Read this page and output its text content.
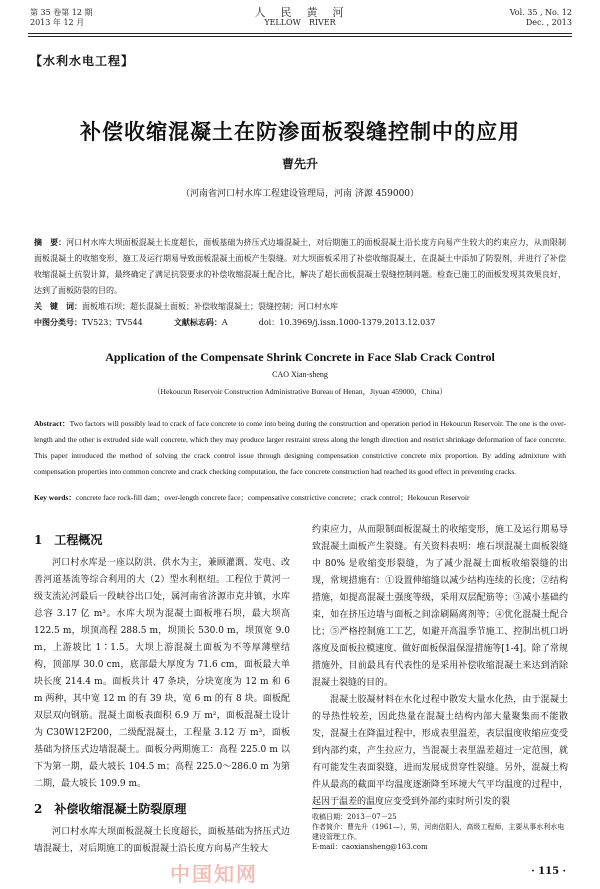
第 35 卷第 12 期
2013 年 12 月
人　民　黄　河
YELLOW　RIVER
Vol. 35 , No. 12
Dec. , 2013
【水利水电工程】
补偿收缩混凝土在防渗面板裂缝控制中的应用
曹先升
（河南省河口村水库工程建设管理局，河南 济源 459000）
摘　要：河口村水库大坝面板混凝土长度超长，面板基础为挤压式边墙混凝土，对后期施工的面板混凝土沿长度方向易产生较大的约束应力，从而限制面板混凝土的收缩变形，施工及运行期易导致面板混凝土面板产生裂缝。对大坝面板采用了补偿收缩混凝土，在混凝土中添加了防裂剂，并进行了补偿收缩混凝土抗裂计算，最终确定了满足抗裂要求的补偿收缩混凝土配合比，解决了超长面板混凝土裂缝控制问题。检查已施工的面板发现其效果良好，达到了面板防裂的目的。
关　键　词：面板堆石坝；超长混凝土面板；补偿收缩混凝土；裂缝控制；河口村水库
中图分类号：TV523；TV544	文献标志码：A	doi：10.3969/j.issn.1000-1379.2013.12.037
Application of the Compensate Shrink Concrete in Face Slab Crack Control
CAO Xian-sheng
（Hekoucun Reservoir Construction Administrative Bureau of Henan，Jiyuan 459000，China）
Abstract：Two factors will possibly lead to crack of face concrete to come into being during the construction and operation period in Hekoucun Reservoir. The one is the over-length and the other is extruded side wall concrete, which they may produce larger restraint stress along the length direction and restrict shrinkage deformation of face concrete. This paper introduced the method of solving the crack control issue through designing compensation constrictive concrete mix proportion. By adding admixture with compensation properties into common concrete and crack checking computation, the face concrete construction had reached its good effect in preventing cracks.
Key words：concrete face rock-fill dam；over-length concrete face；compensative constrictive concrete；crack control；Hekoucun Reservoir
1　工程概况

河口村水库是一座以防洪、供水为主，兼顾灌溉、发电、改善河道基流等综合利用的大（2）型水利枢纽。工程位于黄河一级支流沁河最后一段峡谷出口处，属河南省济源市克井镇，水库总容 3.17 亿 m³。水库大坝为混凝土面板堆石坝，最大坝高 122.5 m，坝顶高程 288.5 m，坝顶长 530.0 m，坝顶宽 9.0 m，上游坡比 1∶1.5。大坝上游混凝土面板为不等厚薄壁结构，顶部厚 30.0 cm，底部最大厚度为 71.6 cm，面板最大单块长度 214.4 m。面板共计 47 条块，分块宽度为 12 m 和 6 m 两种，其中宽 12 m 的有 39 块，宽 6 m 的有 8 块。面板配双层双向钢筋。混凝土面板表面积 6.9 万 m²，面板混凝土设计为 C30W12F200，二级配混凝土，工程量 3.12 万 m³，面板基础为挤压式边墙混凝土。面板分两期施工：高程 225.0 m 以下为第一期，最大坡长 104.5 m；高程 225.0～286.0 m 为第二期，最大坡长 109.9 m。

2　补偿收缩混凝土防裂原理

河口村水库大坝面板混凝土长度超长，面板基础为挤压式边墙混凝土，对后期施工的面板混凝土沿长度方向易产生较大

约束应力，从而限制面板混凝土的收缩变形，施工及运行期易导致混凝土面板产生裂缝。有关资料表明：堆石坝混凝土面板裂缝中 80% 是收缩变形裂缝，为了减少混凝土面板收缩裂缝的出现，常规措施有：①设置伸缩缝以减少结构连续的长度；②结构措施，如提高混凝土强度等级，采用双层配筋等；③减小基础约束，如在挤压边墙与面板之间涂刷隔离剂等；④优化混凝土配合比；⑤严格控制施工工艺，如避开高温季节施工、控制出机口坍落度及面板拉模速度、做好面板保温保湿措施等[1-4]。除了常规措施外，目前最具有代表性的是采用补偿收缩混凝土来达到消除混凝土裂缝的目的。

混凝土胶凝材料在水化过程中散发大量水化热，由于混凝土的导热性较差，因此热量在混凝土结构内部大量聚集而不能散发，混凝土在降温过程中，形成表里温差，表层温度收缩应变受到内部约束，产生拉应力，当混凝土表里温差超过一定范围，就有可能发生表面裂缝，进而发展成贯穿性裂缝。另外，混凝土构件从最高的截面平均温度逐渐降至环境大气平均温度的过程中，起因于温差的温度应变受到外部约束时所引发的裂

收稿日期：2013－07－25
作者简介：曹先升（1961—），男，河南信阳人，高级工程师，主要从事水利水电建设管理工作。
E-mail：caoxiansheng@163.com
中国知网	· 115 ·
